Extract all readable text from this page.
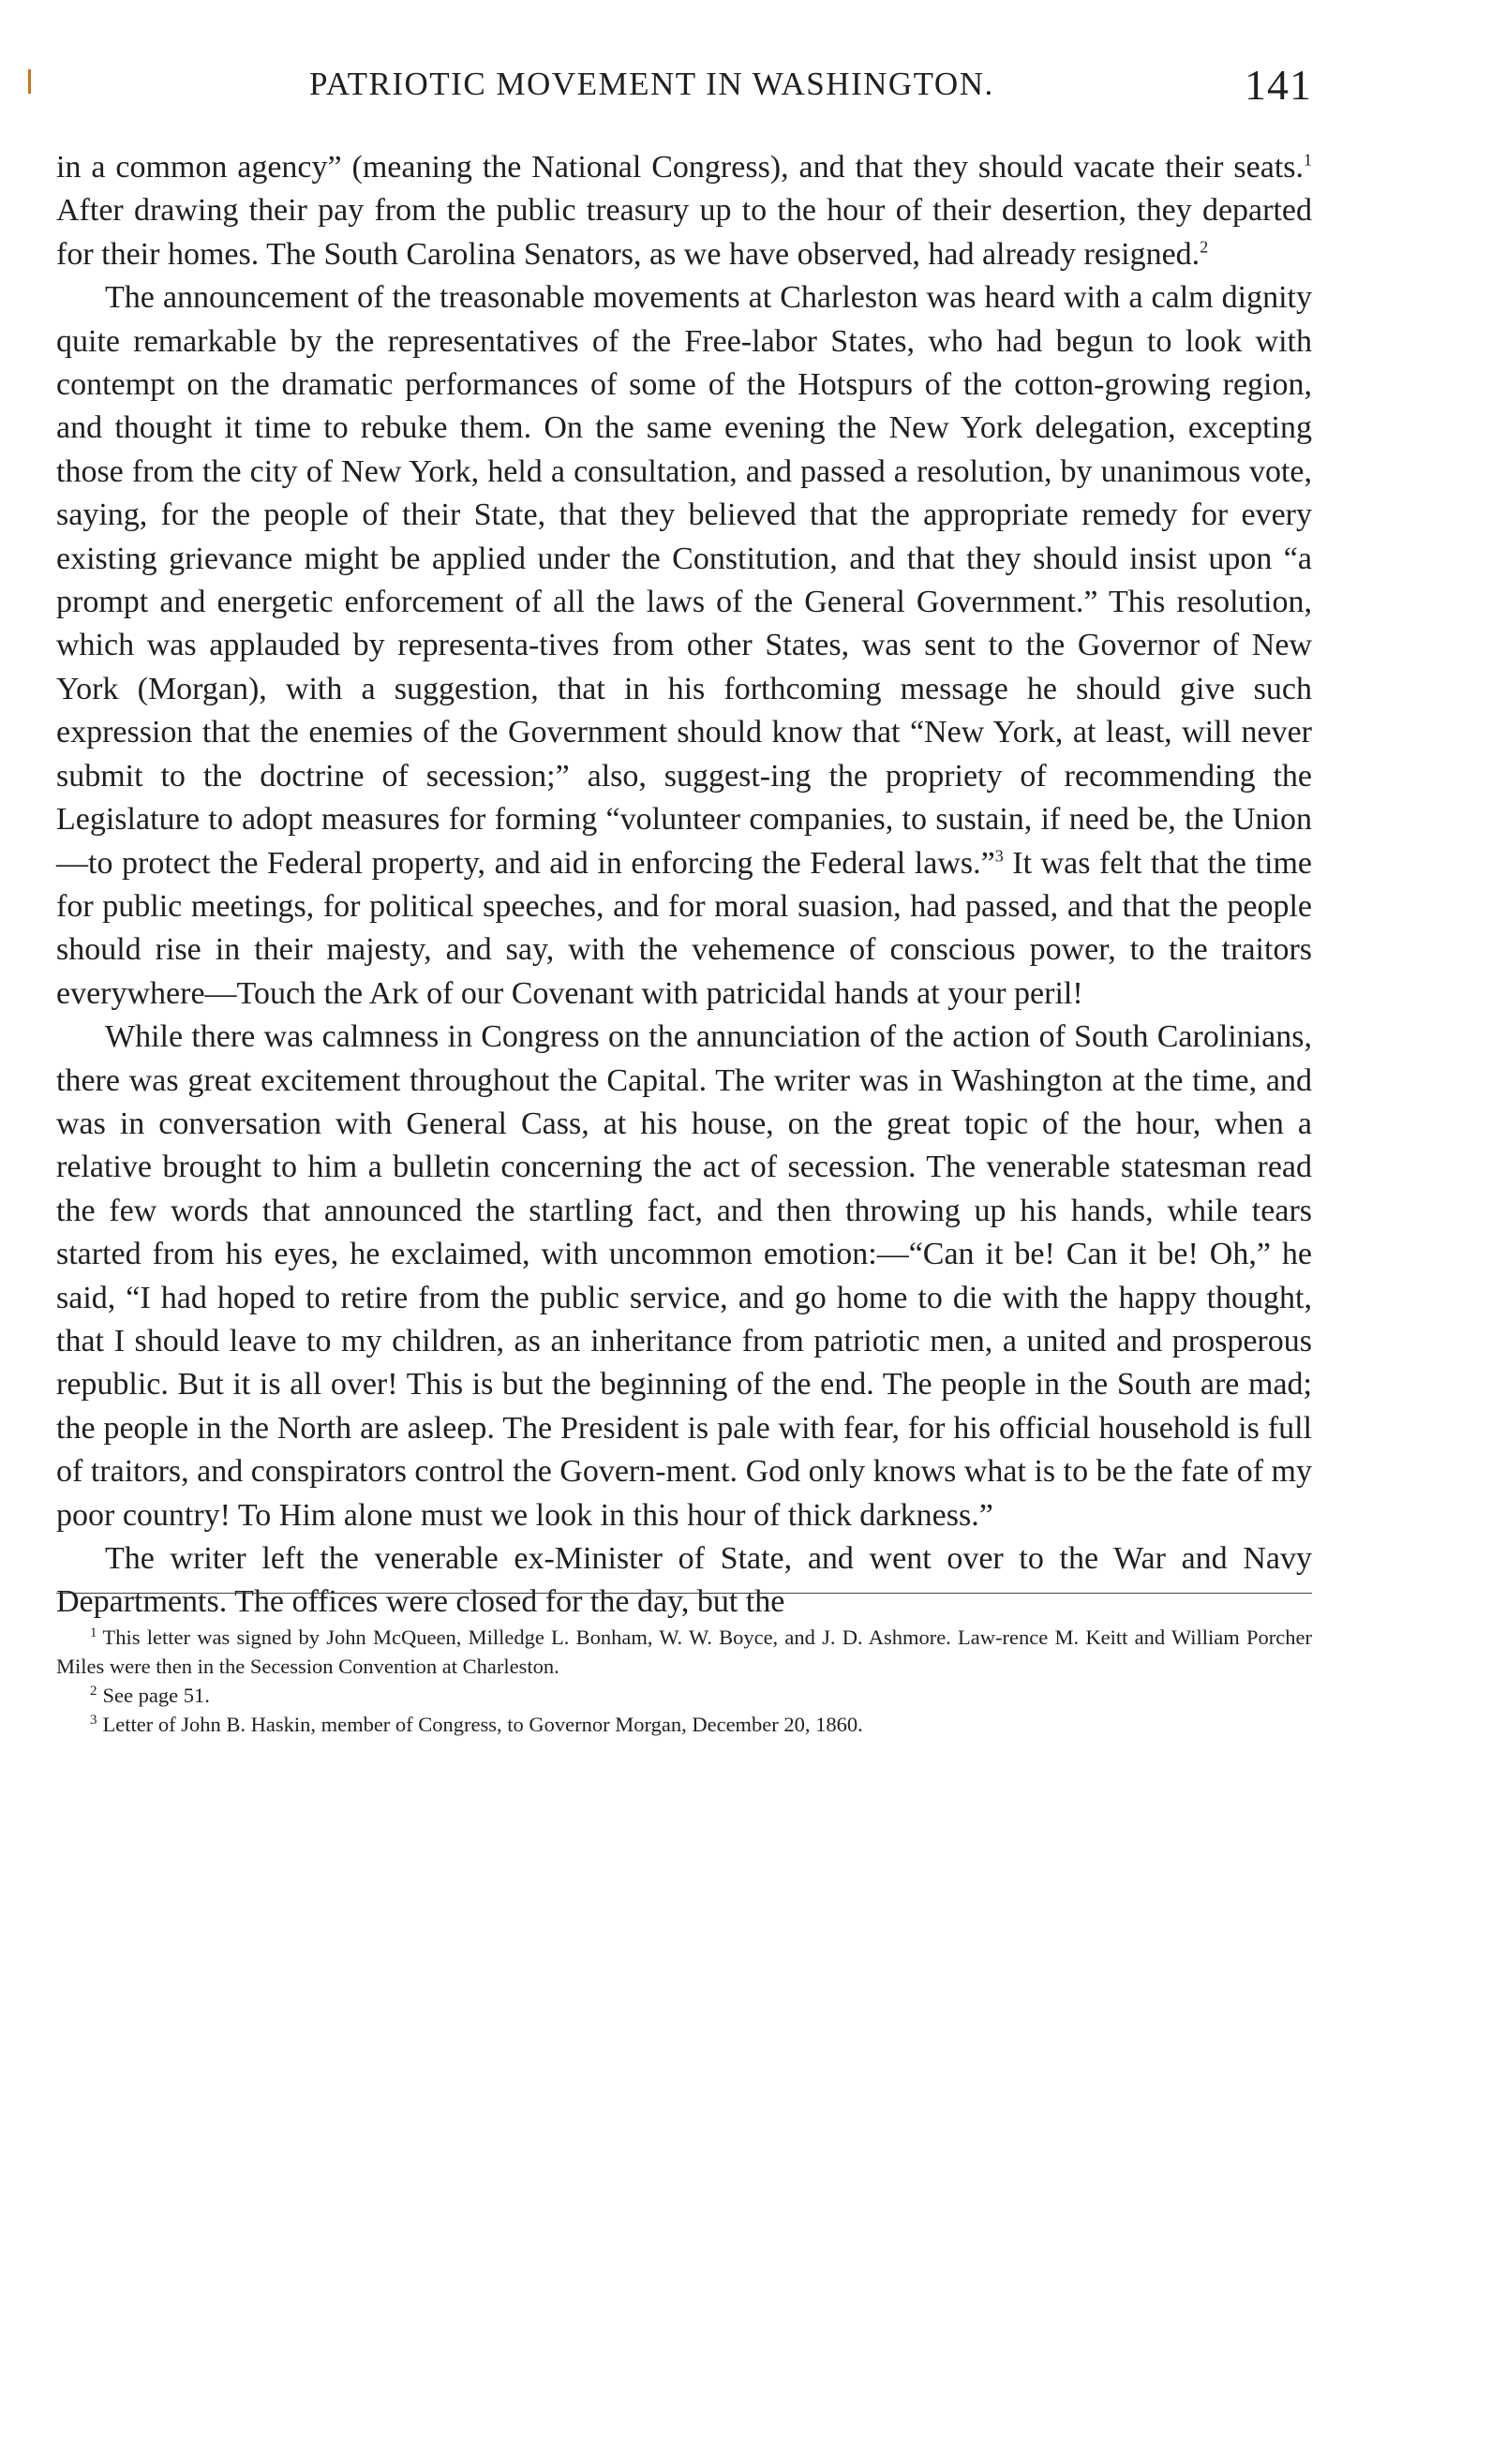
PATRIOTIC MOVEMENT IN WASHINGTON.	141

in a common agency” (meaning the National Congress), and that they should vacate their seats.$^1$ After drawing their pay from the public treasury up to the hour of their desertion, they departed for their homes. The South Carolina Senators, as we have observed, had already resigned.$^2$

The announcement of the treasonable movements at Charleston was heard with a calm dignity quite remarkable by the representatives of the Free-labor States, who had begun to look with contempt on the dramatic performances of some of the Hotspurs of the cotton-growing region, and thought it time to rebuke them. On the same evening the New York delegation, excepting those from the city of New York, held a consultation, and passed a resolution, by unanimous vote, saying, for the people of their State, that they believed that the appropriate remedy for every existing grievance might be applied under the Constitution, and that they should insist upon “a prompt and energetic enforcement of all the laws of the General Government.” This resolution, which was applauded by representa-tives from other States, was sent to the Governor of New York (Morgan), with a suggestion, that in his forthcoming message he should give such expression that the enemies of the Government should know that “New York, at least, will never submit to the doctrine of secession;” also, suggest-ing the propriety of recommending the Legislature to adopt measures for forming “volunteer companies, to sustain, if need be, the Union—to protect the Federal property, and aid in enforcing the Federal laws.”$^3$ It was felt that the time for public meetings, for political speeches, and for moral suasion, had passed, and that the people should rise in their majesty, and say, with the vehemence of conscious power, to the traitors everywhere—Touch the Ark of our Covenant with patricidal hands at your peril!

While there was calmness in Congress on the annunciation of the action of South Carolinians, there was great excitement throughout the Capital. The writer was in Washington at the time, and was in conversation with General Cass, at his house, on the great topic of the hour, when a relative brought to him a bulletin concerning the act of secession. The venerable statesman read the few words that announced the startling fact, and then throwing up his hands, while tears started from his eyes, he exclaimed, with uncommon emotion:—“Can it be! Can it be! Oh,” he said, “I had hoped to retire from the public service, and go home to die with the happy thought, that I should leave to my children, as an inheritance from patriotic men, a united and prosperous republic. But it is all over! This is but the beginning of the end. The people in the South are mad; the people in the North are asleep. The President is pale with fear, for his official household is full of traitors, and conspirators control the Govern-ment. God only knows what is to be the fate of my poor country! To Him alone must we look in this hour of thick darkness.”

The writer left the venerable ex-Minister of State, and went over to the War and Navy Departments. The offices were closed for the day, but the

$^1$ This letter was signed by John McQueen, Milledge L. Bonham, W. W. Boyce, and J. D. Ashmore. Law-rence M. Keitt and William Porcher Miles were then in the Secession Convention at Charleston.

$^2$ See page 51.

$^3$ Letter of John B. Haskin, member of Congress, to Governor Morgan, December 20, 1860.
